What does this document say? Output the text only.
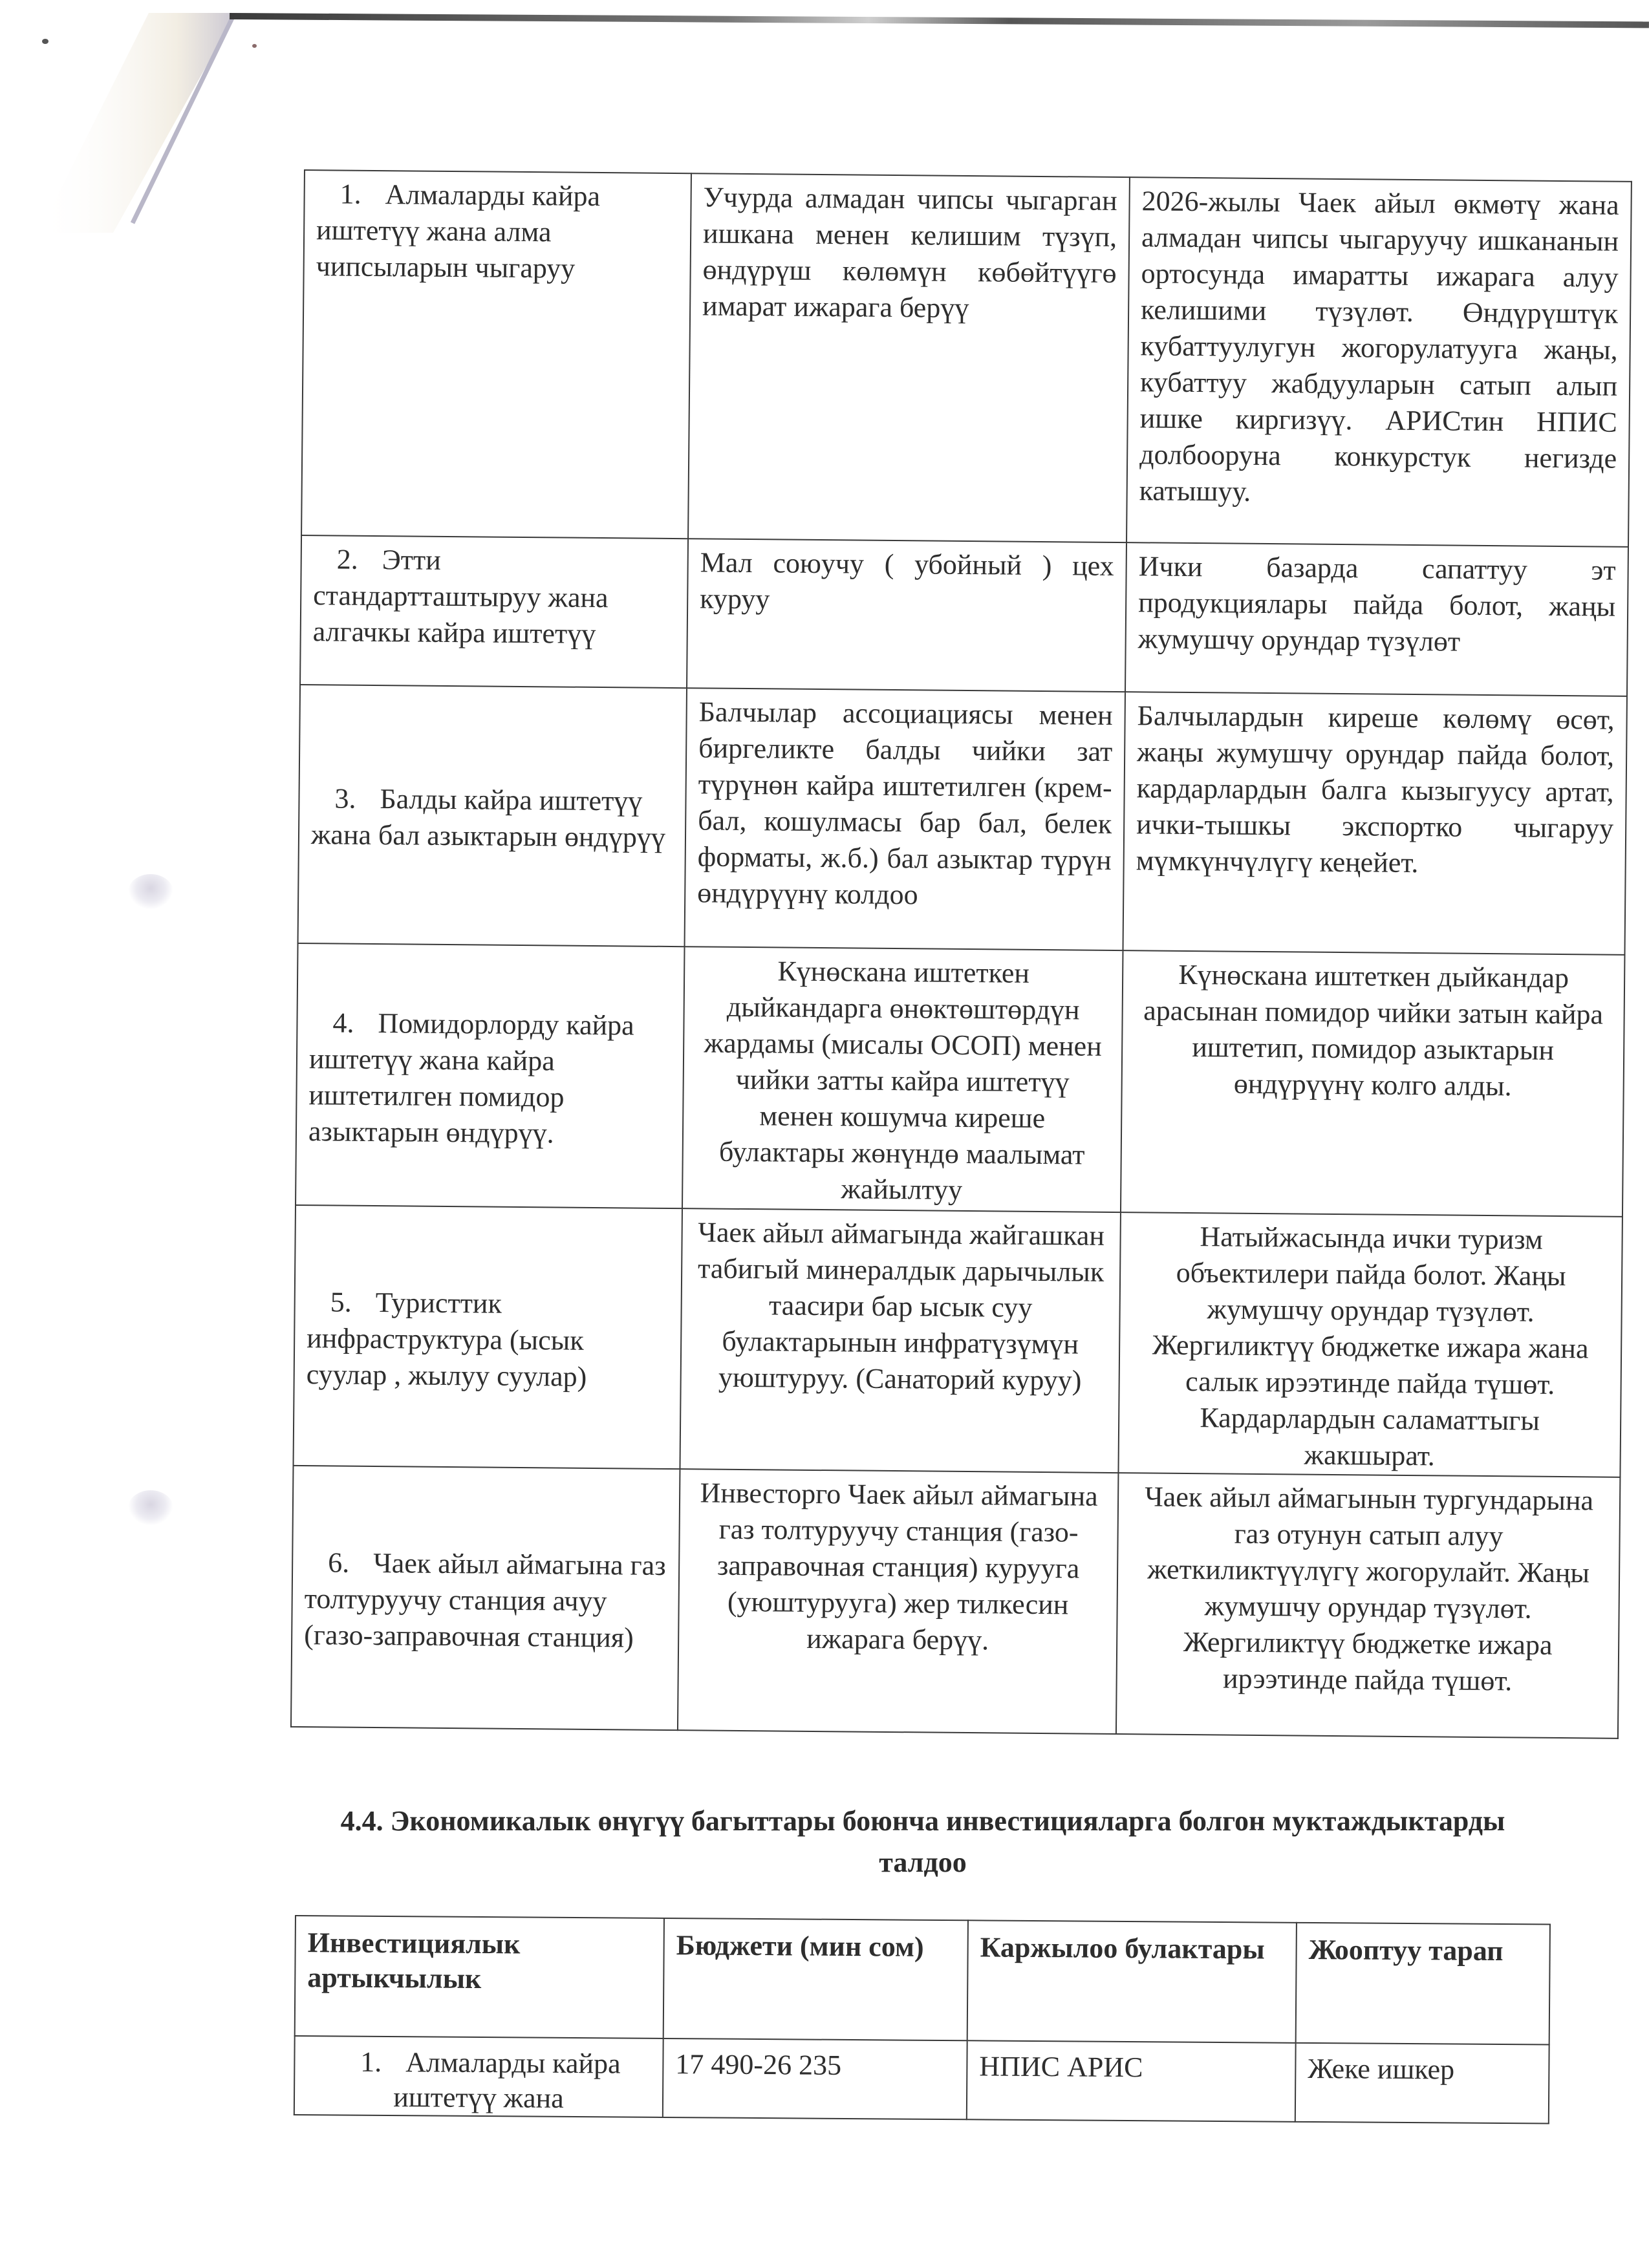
1. Алмаларды кайра иштетүү жана алма чипсыларын чыгаруу	Учурда алмадан чипсы чыгарган ишкана менен келишим түзүп, өндүрүш көлөмүн көбөйтүүгө имарат ижарага берүү	2026-жылы Чаек айыл өкмөтү жана алмадан чипсы чыгаруучу ишкананын ортосунда имаратты ижарага алуу келишими түзүлөт. Өндүрүштүк кубаттуулугун жогорулатууга жаңы, кубаттуу жабдууларын сатып алып ишке киргизүү. АРИСтин НПИС долбооруна конкурстук негизде катышуу.
2. Этти стандартташтыруу жана алгачкы кайра иштетүү	Мал союучу ( убойный ) цех куруу	Ички базарда сапаттуу эт продукциялары пайда болот, жаңы жумушчу орундар түзүлөт
3. Балды кайра иштетүү жана бал азыктарын өндүрүү	Балчылар ассоциациясы менен биргеликте балды чийки зат түрүнөн кайра иштетилген (крем-бал, кошулмасы бар бал, белек форматы, ж.б.) бал азыктар түрүн өндүрүүнү колдоо	Балчылардын киреше көлөмү өсөт, жаңы жумушчу орундар пайда болот, кардарлардын балга кызыгуусу артат, ички-тышкы экспортко чыгаруу мүмкүнчүлүгү кеңейет.
4. Помидорлорду кайра иштетүү жана кайра иштетилген помидор азыктарын өндүрүү.	Күнөскана иштеткен дыйкандарга өнөктөштөрдүн жардамы (мисалы ОСОП) менен чийки затты кайра иштетүү менен кошумча киреше булактары жөнүндө маалымат жайылтуу	Күнөскана иштеткен дыйкандар арасынан помидор чийки затын кайра иштетип, помидор азыктарын өндүрүүнү колго алды.
5. Туристтик инфраструктура (ысык суулар , жылуу суулар)	Чаек айыл аймагында жайгашкан табигый минералдык дарычылык таасири бар ысык суу булактарынын инфратүзүмүн уюштуруу. (Санаторий куруу)	Натыйжасында ички туризм объектилери пайда болот. Жаңы жумушчу орундар түзүлөт. Жергиликтүү бюджетке ижара жана салык ирээтинде пайда түшөт. Кардарлардын саламаттыгы жакшырат.
6. Чаек айыл аймагына газ толтуруучу станция ачуу (газо-заправочная станция)	Инвесторго Чаек айыл аймагына газ толтуруучу станция (газо-заправочная станция) курууга (уюштурууга) жер тилкесин ижарага берүү.	Чаек айыл аймагынын тургундарына газ отунун сатып алуу жеткиликтүүлүгү жогорулайт. Жаңы жумушчу орундар түзүлөт. Жергиликтүү бюджетке ижара ирээтинде пайда түшөт.
4.4. Экономикалык өнүгүү багыттары боюнча инвестицияларга болгон муктаждыктарды талдоо
Инвестициялык артыкчылык	Бюджети (мин сом)	Каржылоо булактары	Жооптуу тарап
1. Алмаларды кайра иштетүү жана	17 490-26 235	НПИС АРИС	Жеке ишкер
